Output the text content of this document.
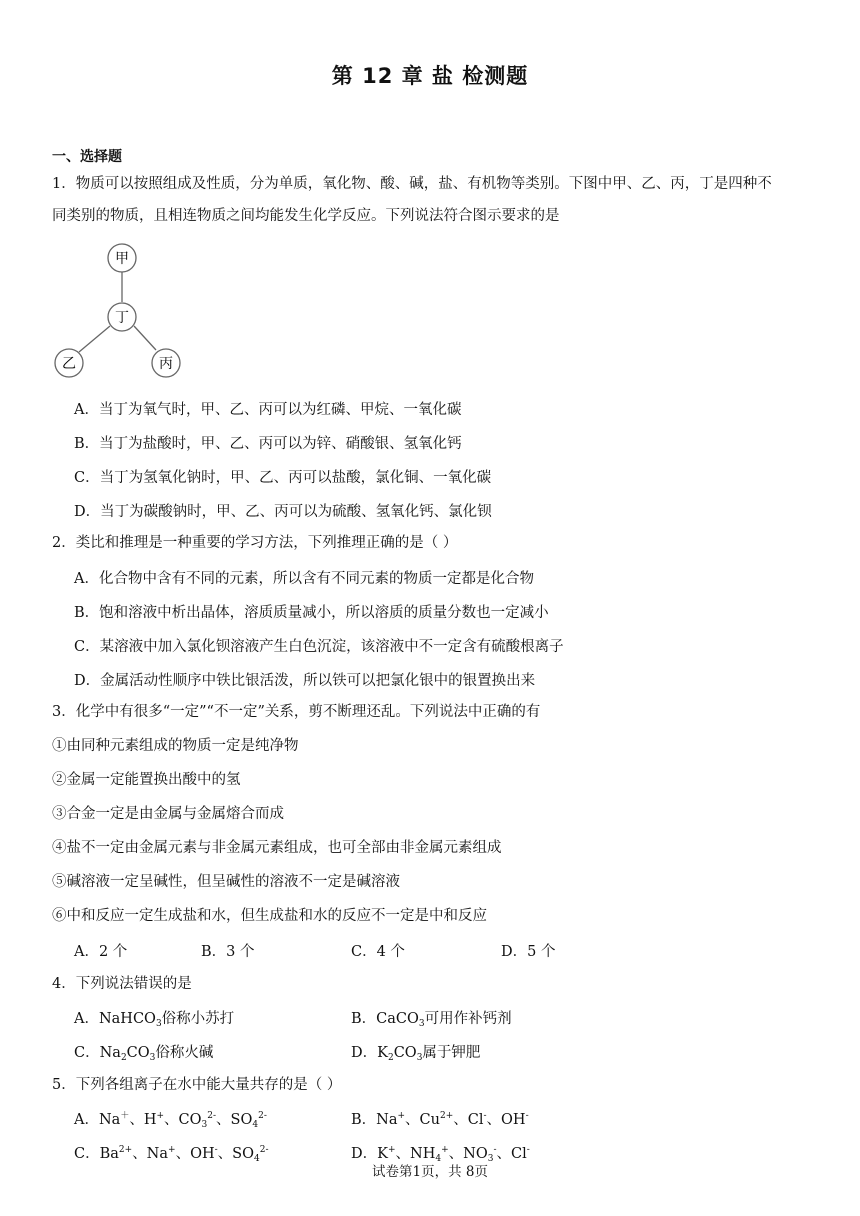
第 12 章 盐 检测题
一、选择题
1．物质可以按照组成及性质，分为单质，氧化物、酸、碱，盐、有机物等类别。下图中甲、乙、丙，丁是四种不
同类别的物质，且相连物质之间均能发生化学反应。下列说法符合图示要求的是
甲
丁
乙	丙
A．当丁为氧气时，甲、乙、丙可以为红磷、甲烷、一氧化碳
B．当丁为盐酸时，甲、乙、丙可以为锌、硝酸银、氢氧化钙
C．当丁为氢氧化钠时，甲、乙、丙可以盐酸，氯化铜、一氧化碳
D．当丁为碳酸钠时，甲、乙、丙可以为硫酸、氢氧化钙、氯化钡
2．类比和推理是一种重要的学习方法，下列推理正确的是（ ）
A．化合物中含有不同的元素，所以含有不同元素的物质一定都是化合物
B．饱和溶液中析出晶体，溶质质量减小，所以溶质的质量分数也一定减小
C．某溶液中加入氯化钡溶液产生白色沉淀，该溶液中不一定含有硫酸根离子
D．金属活动性顺序中铁比银活泼，所以铁可以把氯化银中的银置换出来
3．化学中有很多“一定”“不一定”关系，剪不断理还乱。下列说法中正确的有
①由同种元素组成的物质一定是纯净物
②金属一定能置换出酸中的氢
③合金一定是由金属与金属熔合而成
④盐不一定由金属元素与非金属元素组成，也可全部由非金属元素组成
⑤碱溶液一定呈碱性，但呈碱性的溶液不一定是碱溶液
⑥中和反应一定生成盐和水，但生成盐和水的反应不一定是中和反应
A．2 个	B．3 个	C．4 个	D．5 个
4．下列说法错误的是
A．NaHCO$_3$俗称小苏打	B．CaCO$_3$可用作补钙剂
C．$Na_2CO_3$俗称火碱	D．$K_2CO_3$属于钾肥
5．下列各组离子在水中能大量共存的是（ ）
A．Na＋、H+、$CO_3^{2-}$、$SO_4^{2-}$	B．Na+、$Cu^{2+}$、Cl-、OH-
C．$Ba^{2+}$、Na+、OH-、$SO_4^{2-}$	D．K+、$NH_4^+$、$NO_3^-$、Cl-
试卷第1页，共 8页
